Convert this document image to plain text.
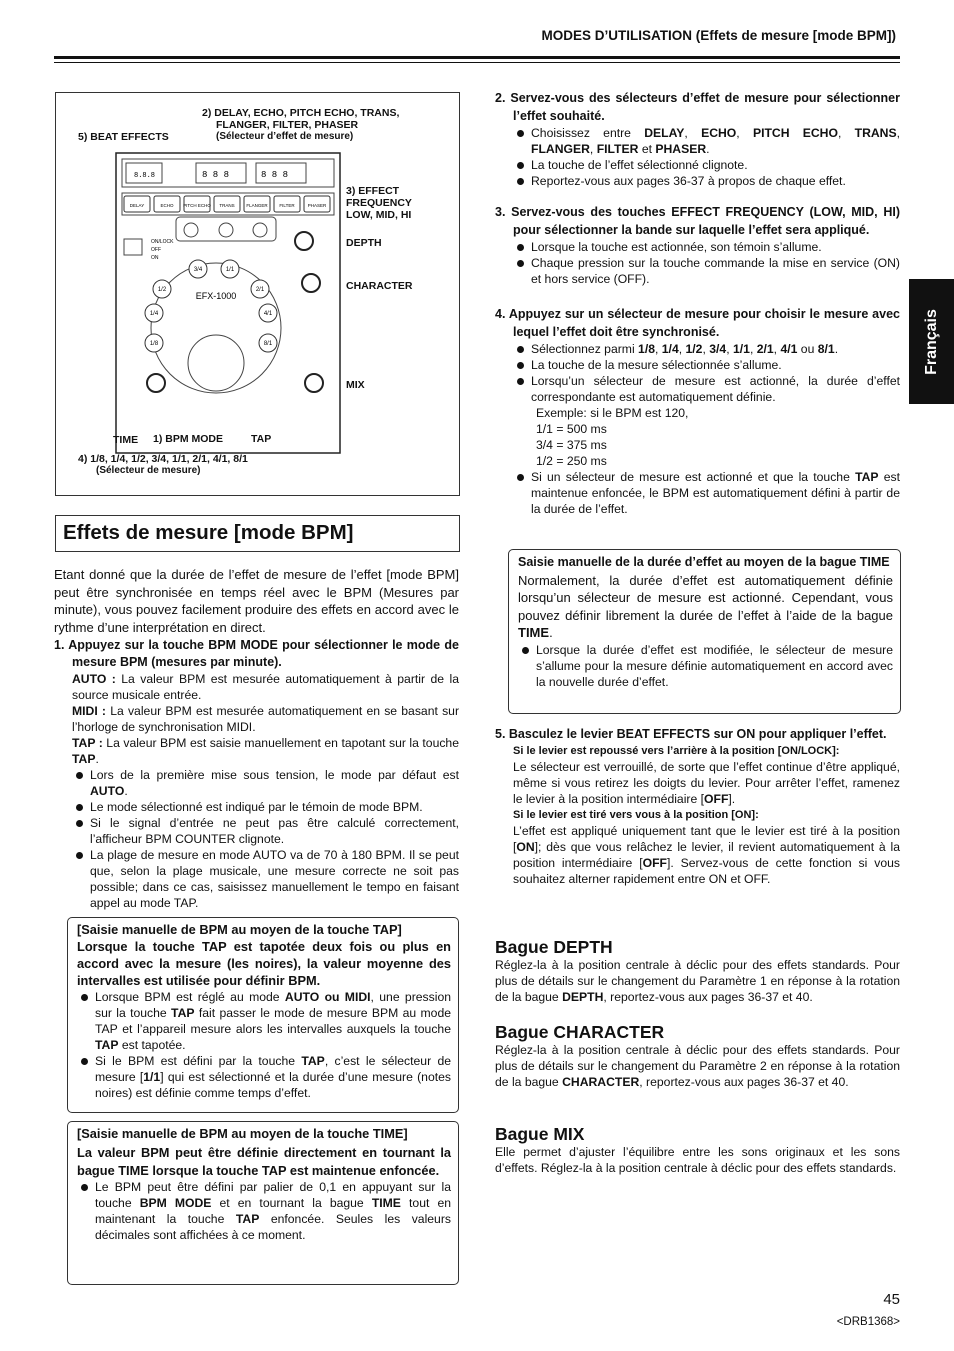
MODES D’UTILISATION (Effets de mesure [mode BPM])
Français
8.8.8	8 8 8	8 8 8
DELAY	ECHO PITCH ECHO TRANS	FLANGER	FILTER	PHASER
ON/LOCK
OFF
ON
EFX-1000
3/4	1/1
1/2	2/1
1/4	4/1
1/8	8/1
2) DELAY, ECHO, PITCH ECHO, TRANS,
FLANGER, FILTER, PHASER
(Sélecteur d’effet de mesure)
5) BEAT EFFECTS
3) EFFECT
FREQUENCY
LOW, MID, HI
DEPTH
CHARACTER
MIX
TIME 1) BPM MODE	TAP
4) 1/8, 1/4, 1/2, 3/4, 1/1, 2/1, 4/1, 8/1
(Sélecteur de mesure)
Effets de mesure [mode BPM]

Etant donné que la durée de l’effet de mesure de l’effet [mode BPM] peut être synchronisée en temps réel avec le BPM (Mesures par minute), vous pouvez facilement produire des effets en accord avec le rythme d’une interprétation en direct.

1. Appuyez sur la touche BPM MODE pour sélectionner le mode de mesure BPM (mesures par minute).

AUTO : La valeur BPM est mesurée automatiquement à partir de la source musicale entrée.

MIDI : La valeur BPM est mesurée automatiquement en se basant sur l’horloge de synchronisation MIDI.

TAP : La valeur BPM est saisie manuellement en tapotant sur la touche TAP.

Lors de la première mise sous tension, le mode par défaut est AUTO.

Le mode sélectionné est indiqué par le témoin de mode BPM.

Si le signal d’entrée ne peut pas être calculé correctement, l’afficheur BPM COUNTER clignote.

La plage de mesure en mode AUTO va de 70 à 180 BPM. Il se peut que, selon la plage musicale, une mesure correcte ne soit pas possible; dans ce cas, saisissez manuellement le tempo en faisant appel au mode TAP.

[Saisie manuelle de BPM au moyen de la touche TAP]

Lorsque la touche TAP est tapotée deux fois ou plus en accord avec la mesure (les noires), la valeur moyenne des intervalles est utilisée pour définir BPM.

Lorsque BPM est réglé au mode AUTO ou MIDI, une pression sur la touche TAP fait passer le mode de mesure BPM au mode TAP et l’appareil mesure alors les intervalles auxquels la touche TAP est tapotée.

Si le BPM est défini par la touche TAP, c’est le sélecteur de mesure [1/1] qui est sélectionné et la durée d’une mesure (notes noires) est définie comme temps d’effet.

[Saisie manuelle de BPM au moyen de la touche TIME]

La valeur BPM peut être définie directement en tournant la bague TIME lorsque la touche TAP est maintenue enfoncée.

Le BPM peut être défini par palier de 0,1 en appuyant sur la touche BPM MODE et en tournant la bague TIME tout en maintenant la touche TAP enfoncée. Seules les valeurs décimales sont affichées à ce moment.

2. Servez-vous des sélecteurs d’effet de mesure pour sélectionner l’effet souhaité.

Choisissez entre DELAY, ECHO, PITCH ECHO, TRANS, FLANGER, FILTER et PHASER.

La touche de l’effet sélectionné clignote.

Reportez-vous aux pages 36-37 à propos de chaque effet.

3. Servez-vous des touches EFFECT FREQUENCY (LOW, MID, HI) pour sélectionner la bande sur laquelle l’effet sera appliqué.

Lorsque la touche est actionnée, son témoin s’allume.

Chaque pression sur la touche commande la mise en service (ON) et hors service (OFF).

4. Appuyez sur un sélecteur de mesure pour choisir le mesure avec lequel l’effet doit être synchronisé.

Sélectionnez parmi 1/8, 1/4, 1/2, 3/4, 1/1, 2/1, 4/1 ou 8/1.

La touche de la mesure sélectionnée s’allume.

Lorsqu’un sélecteur de mesure est actionné, la durée d’effet correspondante est automatiquement définie.

Exemple: si le BPM est 120,

1/1 = 500 ms

3/4 = 375 ms

1/2 = 250 ms

Si un sélecteur de mesure est actionné et que la touche TAP est maintenue enfoncée, le BPM est automatiquement défini à partir de la durée de l’effet.

Saisie manuelle de la durée d’effet au moyen de la bague TIME

Normalement, la durée d’effet est automatiquement définie lorsqu’un sélecteur de mesure est actionné. Cependant, vous pouvez définir librement la durée de l’effet à l’aide de la bague TIME.

Lorsque la durée d’effet est modifiée, le sélecteur de mesure s’allume pour la mesure définie automatiquement en accord avec la nouvelle durée d’effet.

5. Basculez le levier BEAT EFFECTS sur ON pour appliquer l’effet.

Si le levier est repoussé vers l’arrière à la position [ON/LOCK]:

Le sélecteur est verrouillé, de sorte que l’effet continue d’être appliqué, même si vous retirez les doigts du levier. Pour arrêter l’effet, ramenez le levier à la position intermédiaire [OFF].

Si le levier est tiré vers vous à la position [ON]:

L’effet est appliqué uniquement tant que le levier est tiré à la position [ON]; dès que vous relâchez le levier, il revient automatiquement à la position intermédiaire [OFF]. Servez-vous de cette fonction si vous souhaitez alterner rapidement entre ON et OFF.

Bague DEPTH

Réglez-la à la position centrale à déclic pour des effets standards. Pour plus de détails sur le changement du Paramètre 1 en réponse à la rotation de la bague DEPTH, reportez-vous aux pages 36-37 et 40.

Bague CHARACTER

Réglez-la à la position centrale à déclic pour des effets standards. Pour plus de détails sur le changement du Paramètre 2 en réponse à la rotation de la bague CHARACTER, reportez-vous aux pages 36-37 et 40.

Bague MIX

Elle permet d’ajuster l’équilibre entre les sons originaux et les sons d’effets. Réglez-la à la position centrale à déclic pour des effets standards.

45
<DRB1368>
